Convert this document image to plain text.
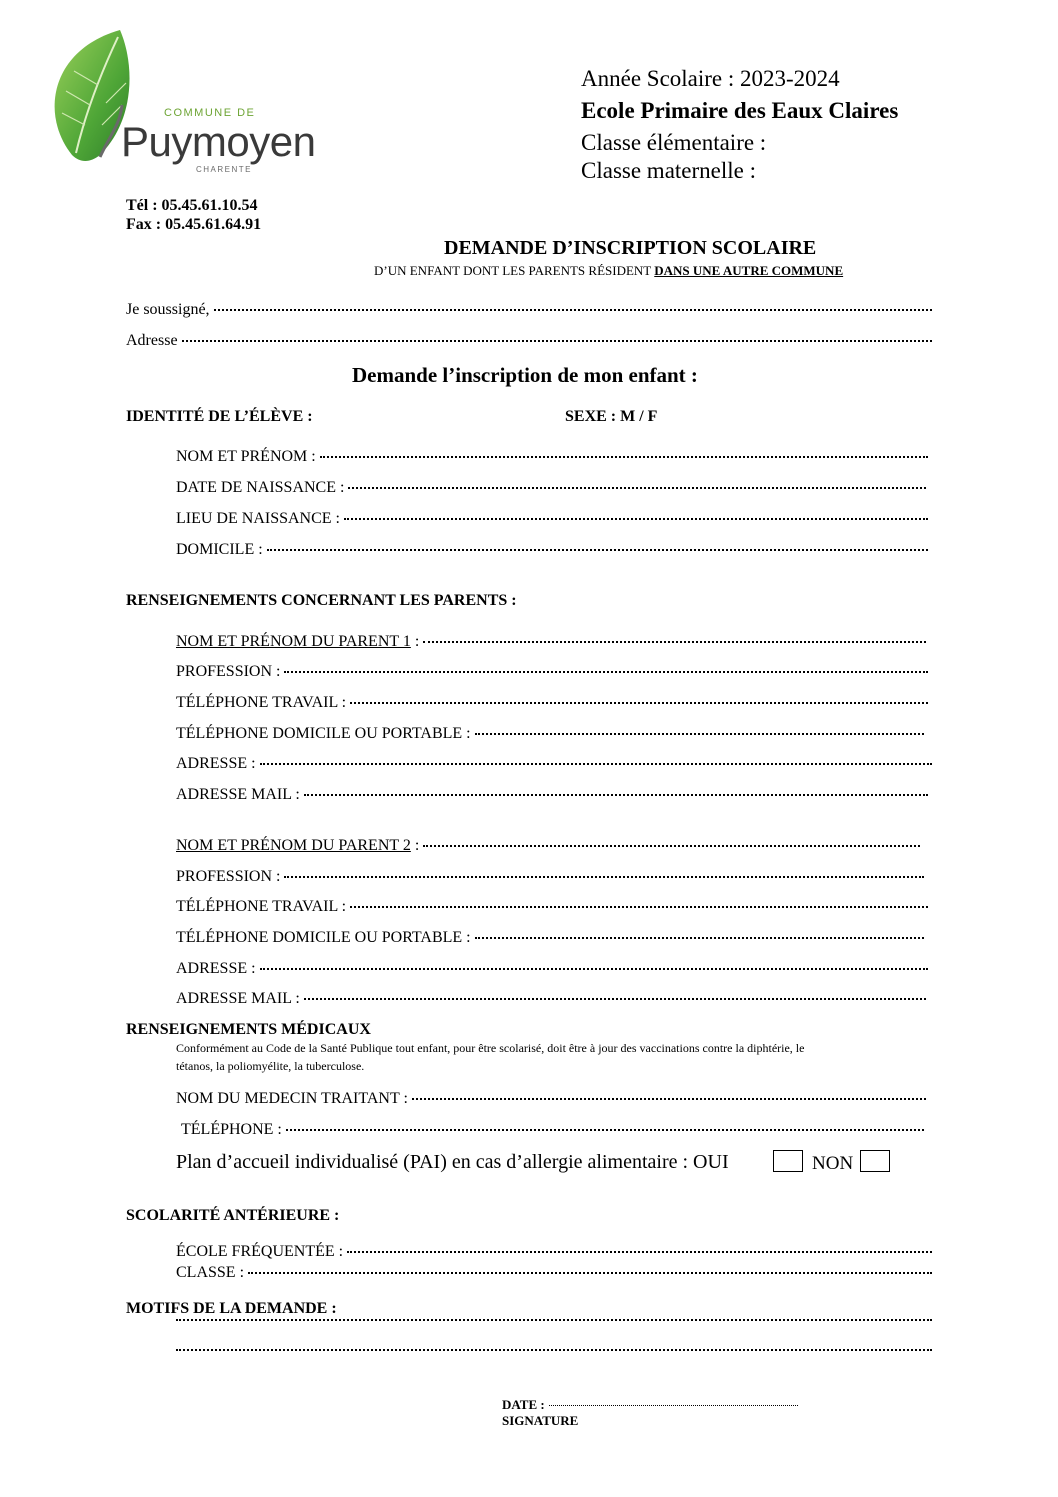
COMMUNE DE
Puymoyen
CHARENTE
Année Scolaire : 2023-2024
Ecole Primaire des Eaux Claires
Classe élémentaire :
Classe maternelle :
Tél : 05.45.61.10.54
Fax : 05.45.61.64.91
DEMANDE D’INSCRIPTION SCOLAIRE
D’UN ENFANT DONT LES PARENTS RÉSIDENT DANS UNE AUTRE COMMUNE
Je soussigné,
Adresse
Demande l’inscription de mon enfant :
IDENTITÉ DE L’ÉLÈVE :	SEXE : M / F
NOM ET PRÉNOM :
DATE DE NAISSANCE :
LIEU DE NAISSANCE :
DOMICILE :
RENSEIGNEMENTS CONCERNANT LES PARENTS :
NOM ET PRÉNOM DU PARENT 1 :
PROFESSION :
TÉLÉPHONE TRAVAIL :
TÉLÉPHONE DOMICILE OU PORTABLE :
ADRESSE :
ADRESSE MAIL :
NOM ET PRÉNOM DU PARENT 2 :
PROFESSION :
TÉLÉPHONE TRAVAIL :
TÉLÉPHONE DOMICILE OU PORTABLE :
ADRESSE :
ADRESSE MAIL :
RENSEIGNEMENTS MÉDICAUX
Conformément au Code de la Santé Publique tout enfant, pour être scolarisé, doit être à jour des vaccinations contre la diphtérie, le
tétanos, la poliomyélite, la tuberculose.
NOM DU MEDECIN TRAITANT :
TÉLÉPHONE :
Plan d’accueil individualisé (PAI) en cas d’allergie alimentaire : OUI	NON
SCOLARITÉ ANTÉRIEURE :
ÉCOLE FRÉQUENTÉE :
CLASSE :
MOTIFS DE LA DEMANDE :
DATE :
SIGNATURE
